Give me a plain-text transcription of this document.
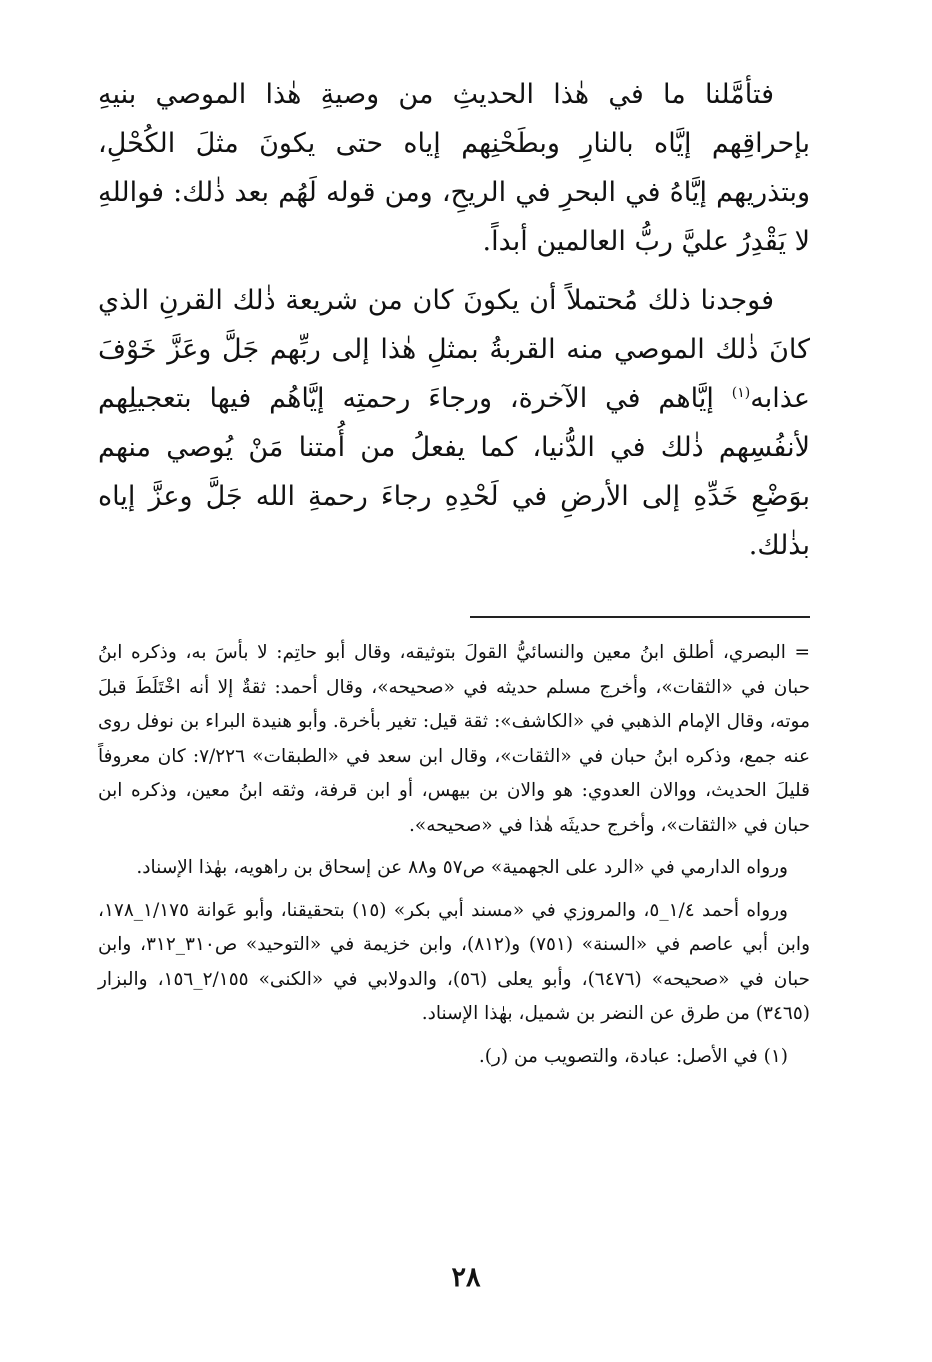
فتأمَّلنا ما في هٰذا الحديثِ من وصيةِ هٰذا الموصي بنيهِ بإحراقِهم إيَّاه بالنارِ وبطَحْنِهم إياه حتى يكونَ مثلَ الكُحْلِ، وبتذريهم إيَّاهُ في البحرِ في الريحِ، ومن قوله لَهُم بعد ذٰلك: فواللهِ لا يَقْدِرُ عليَّ ربُّ العالمين أبداً.

فوجدنا ذلك مُحتملاً أن يكونَ كان من شريعة ذٰلك القرنِ الذي كانَ ذٰلك الموصي منه القربةُ بمثلِ هٰذا إلى ربِّهم جَلَّ وعَزَّ خَوْفَ عذابه$^{(١)}$ إيَّاهم في الآخرة، ورجاءَ رحمتِه إيَّاهُم فيها بتعجيلِهم لأنفُسِهم ذٰلك في الدُّنيا، كما يفعلُ من أُمتنا مَنْ يُوصي منهم بوَضْعِ خَدِّهِ إلى الأرضِ في لَحْدِهِ رجاءَ رحمةِ الله جَلَّ وعزَّ إياه بذٰلك.

= البصري، أطلق ابنُ معين والنسائيُّ القولَ بتوثيقه، وقال أبو حاتِم: لا بأسَ به، وذكره ابنُ حبان في «الثقات»، وأخرج مسلم حديثه في «صحيحه»، وقال أحمد: ثقةٌ إلا أنه اخْتَلَطَ قبلَ موته، وقال الإمام الذهبي في «الكاشف»: ثقة قيل: تغير بأخرة. وأبو هنيدة البراء بن نوفل روى عنه جمع، وذكره ابنُ حبان في «الثقات»، وقال ابن سعد في «الطبقات» ٧/٢٢٦: كان معروفاً قليلَ الحديث، ووالان العدوي: هو والان بن بيهس، أو ابن قرفة، وثقه ابنُ معين، وذكره ابن حبان في «الثقات»، وأخرج حديثَه هٰذا في «صحيحه».

ورواه الدارمي في «الرد على الجهمية» ص٥٧ و٨٨ عن إسحاق بن راهويه، بهٰذا الإسناد.

ورواه أحمد ١/٤_٥، والمروزي في «مسند أبي بكر» (١٥) بتحقيقنا، وأبو عَوانة ١/١٧٥_١٧٨، وابن أبي عاصم في «السنة» (٧٥١) و(٨١٢)، وابن خزيمة في «التوحيد» ص٣١٠_٣١٢، وابن حبان في «صحيحه» (٦٤٧٦)، وأبو يعلى (٥٦)، والدولابي في «الكنى» ٢/١٥٥_١٥٦، والبزار (٣٤٦٥) من طرق عن النضر بن شميل، بهٰذا الإسناد.

(١) في الأصل: عبادة، والتصويب من (ر).

٢٨
